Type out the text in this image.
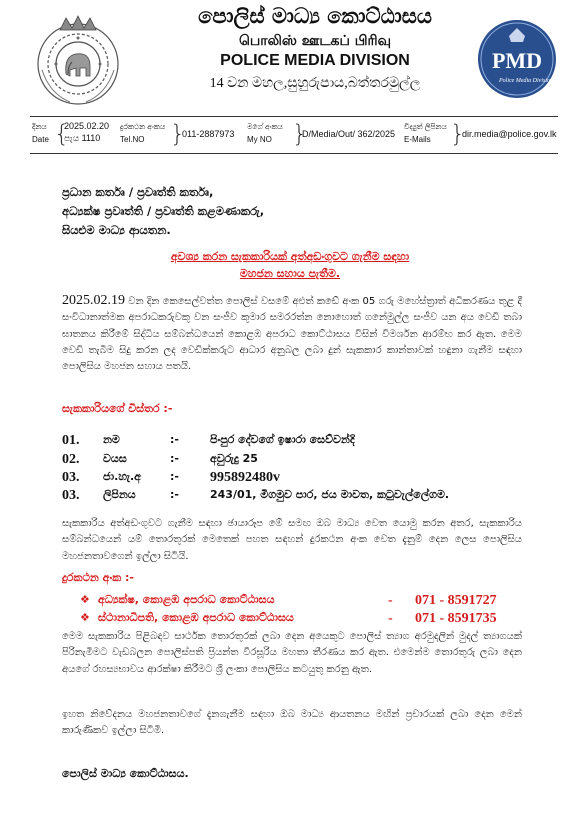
පොලිස් මාධ්‍ය කොට්ඨාසය
பொலிஸ் ஊடகப் பிரிவு
POLICE MEDIA DIVISION
14 වන මහල,සුහුරුපාය,බත්තරමුල්ල
PMD
Police Media Division
දිනය
Date {
2025.02.20
පැය 1110
දුරකථන අංකය
Tel.NO }
011-2887973
මගේ අංකය
My NO }
D/Media/Out/ 362/2025
විද්‍යුත් ලිපිනය
E-Mails }
dir.media@police.gov.lk
ප්‍රධාන කර්තෘ / ප්‍රවෘත්ති කර්තෘ,
අධ්‍යක්ෂ ප්‍රවෘත්ති / ප්‍රවෘත්ති කළමණාකරු,
සියළුම මාධ්‍ය ආයතන.
අවශ්‍ය කරන සැකකාරියක් අත්අඩංගුවට ගැනීම සඳහා
මහජන සහාය පැතීම.
2025.02.19 වන දින කෙසෙල්වත්ත පොලිස් වසමේ අළුත් කඩේ අංක 05 ගරු මහේස්ත්‍රාත් අධිකරණය තුළ දී සංවිධානාත්මක අපරාධකරුවකු වන සංජීව කුමාර සමරරත්න නොහොත් ගනේමුල්ල සංජීව යන අය වෙඩි තබා ඝාතනය කිරීමේ සිද්ධිය සම්බන්ධයෙන් කොළඹ අපරාධ කොට්ඨාසය විසින් විමර්ශන ආරම්භ කර ඇත. මෙම වෙඩි තැබීම සිදු කරන ලද වෙඩික්කරුට ආධාර අනුබල ලබා දුන් සැකකාර කාන්තාවක් හඳුනා ගැනීම සඳහා පොලිසිය මහජන සහාය පතයි.
සැකකාරියගේ විස්තර :-
01. නම	:-	පිංපුර දේවගේ ඉෂාරා සෙව්වන්දි
02. වයස	:-	අවුරුදු 25
03. ජා.හැ.අ	:- 995892480v
03. ලිපිනය	:-	243/01, මීගමුව පාර, ජය මාවත, කටුවැල්ලේගම.
සැකකාරිය අත්අඩංගුවට ගැනීම සඳහා ඡායාරූප මේ සමඟ ඔබ මාධ්‍ය වෙත යොමු කරන අතර, සැකකාරිය සම්බන්ධයෙන් යම් තොරතුරක් මෙතෙක් පහත සඳහන් දුරකථන අංක වෙත දැනුම් දෙන ලෙස පොලිසිය මහජනතාවගෙන් ඉල්ලා සිටියි.
දුරකථන අංක :-
❖ අධ්‍යක්ෂ, කොළඹ අපරාධ කොට්ඨාසය	- 071 - 8591727
❖ ස්ථානාධිපති, කොළඹ අපරාධ කොට්ඨාසය	- 071 - 8591735
මෙම සැකකාරිය පිළිබඳව සාර්ථක තොරතුරක් ලබා දෙන අයෙකුට පොලිස් ත්‍යාග අරමුදලින් මුදල් ත්‍යාගයක් පිරිනැමීමට වැඩබලන පොලිස්පති ප්‍රියන්ත වීරසූරිය මහතා තීරණය කර ඇත. එමෙන්ම තොරතුරු ලබා දෙන අයගේ රහස්‍යභාවය ආරක්ෂා කිරීමට ශ්‍රී ලංකා පොලිසිය කටයුතු කරනු ඇත.
ඉහත නිවේදනය මහජනතාවගේ දැනගැනීම සඳහා ඔබ මාධ්‍ය ආයතනය මඟින් ප්‍රචාරයක් ලබා දෙන මෙන් කාරුණිකව ඉල්ලා සිටිමි.
පොලිස් මාධ්‍ය කොට්ඨාසය.
